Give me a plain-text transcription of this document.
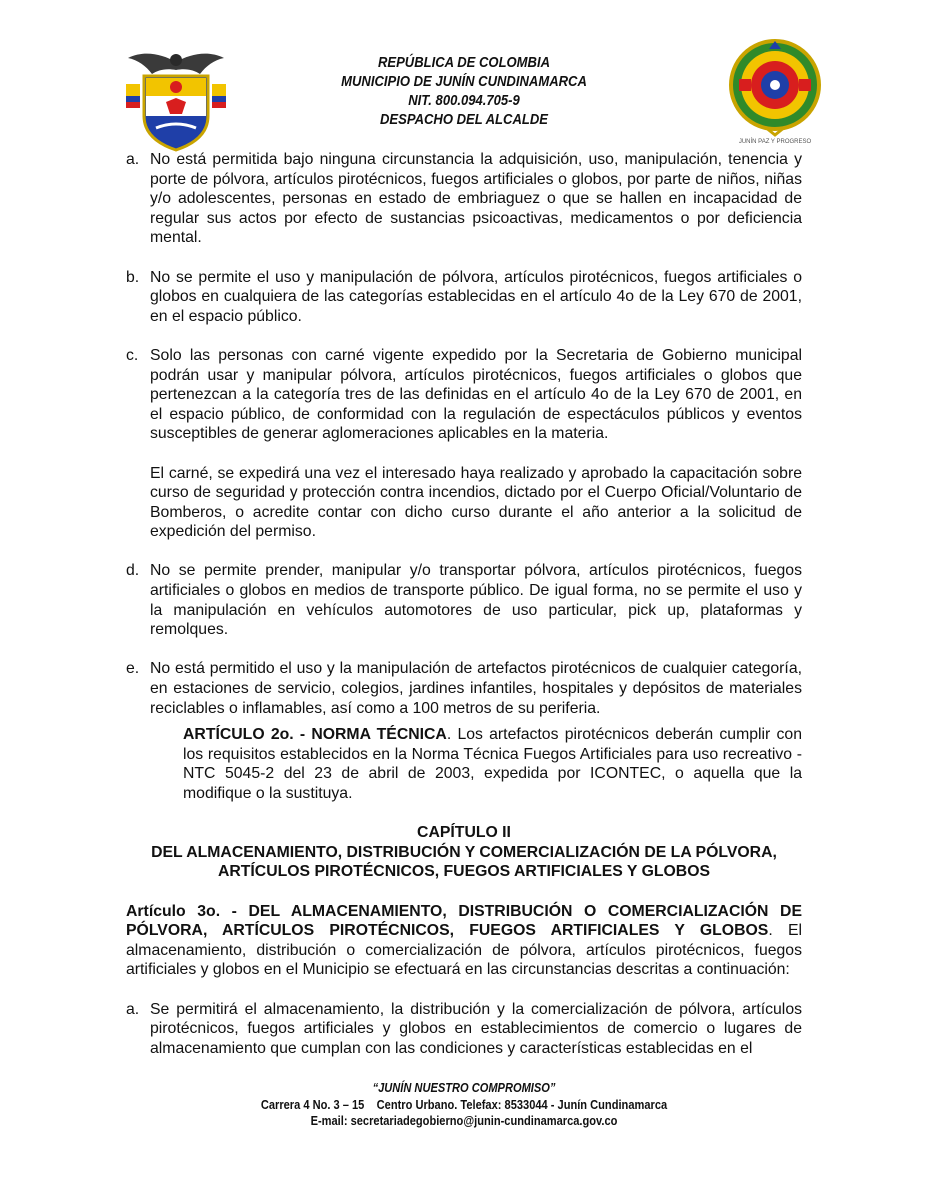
JUNÍN PAZ Y PROGRESO
REPÚBLICA DE COLOMBIA
MUNICIPIO DE JUNÍN CUNDINAMARCA
NIT. 800.094.705-9
DESPACHO DEL ALCALDE
a. No está permitida bajo ninguna circunstancia la adquisición, uso, manipulación, tenencia y porte de pólvora, artículos pirotécnicos, fuegos artificiales o globos, por parte de niños, niñas y/o adolescentes, personas en estado de embriaguez o que se hallen en incapacidad de regular sus actos por efecto de sustancias psicoactivas, medicamentos o por deficiencia mental.
b. No se permite el uso y manipulación de pólvora, artículos pirotécnicos, fuegos artificiales o globos en cualquiera de las categorías establecidas en el artículo 4o de la Ley 670 de 2001, en el espacio público.
c. Solo las personas con carné vigente expedido por la Secretaria de Gobierno municipal podrán usar y manipular pólvora, artículos pirotécnicos, fuegos artificiales o globos que pertenezcan a la categoría tres de las definidas en el artículo 4o de la Ley 670 de 2001, en el espacio público, de conformidad con la regulación de espectáculos públicos y eventos susceptibles de generar aglomeraciones aplicables en la materia.
El carné, se expedirá una vez el interesado haya realizado y aprobado la capacitación sobre curso de seguridad y protección contra incendios, dictado por el Cuerpo Oficial/Voluntario de Bomberos, o acredite contar con dicho curso durante el año anterior a la solicitud de expedición del permiso.
d. No se permite prender, manipular y/o transportar pólvora, artículos pirotécnicos, fuegos artificiales o globos en medios de transporte público. De igual forma, no se permite el uso y la manipulación en vehículos automotores de uso particular, pick up, plataformas y remolques.
e. No está permitido el uso y la manipulación de artefactos pirotécnicos de cualquier categoría, en estaciones de servicio, colegios, jardines infantiles, hospitales y depósitos de materiales reciclables o inflamables, así como a 100 metros de su periferia.
ARTÍCULO 2o. - NORMA TÉCNICA. Los artefactos pirotécnicos deberán cumplir con los requisitos establecidos en la Norma Técnica Fuegos Artificiales para uso recreativo - NTC 5045-2 del 23 de abril de 2003, expedida por ICONTEC, o aquella que la modifique o la sustituya.
CAPÍTULO II
DEL ALMACENAMIENTO, DISTRIBUCIÓN Y COMERCIALIZACIÓN DE LA PÓLVORA,
ARTÍCULOS PIROTÉCNICOS, FUEGOS ARTIFICIALES Y GLOBOS
Artículo 3o. - DEL ALMACENAMIENTO, DISTRIBUCIÓN O COMERCIALIZACIÓN DE PÓLVORA, ARTÍCULOS PIROTÉCNICOS, FUEGOS ARTIFICIALES Y GLOBOS. El almacenamiento, distribución o comercialización de pólvora, artículos pirotécnicos, fuegos artificiales y globos en el Municipio se efectuará en las circunstancias descritas a continuación:
a. Se permitirá el almacenamiento, la distribución y la comercialización de pólvora, artículos pirotécnicos, fuegos artificiales y globos en establecimientos de comercio o lugares de almacenamiento que cumplan con las condiciones y características establecidas en el
“JUNÍN NUESTRO COMPROMISO”
Carrera 4 No. 3 – 15    Centro Urbano. Telefax: 8533044 - Junín Cundinamarca
E-mail: secretariadegobierno@junin-cundinamarca.gov.co
